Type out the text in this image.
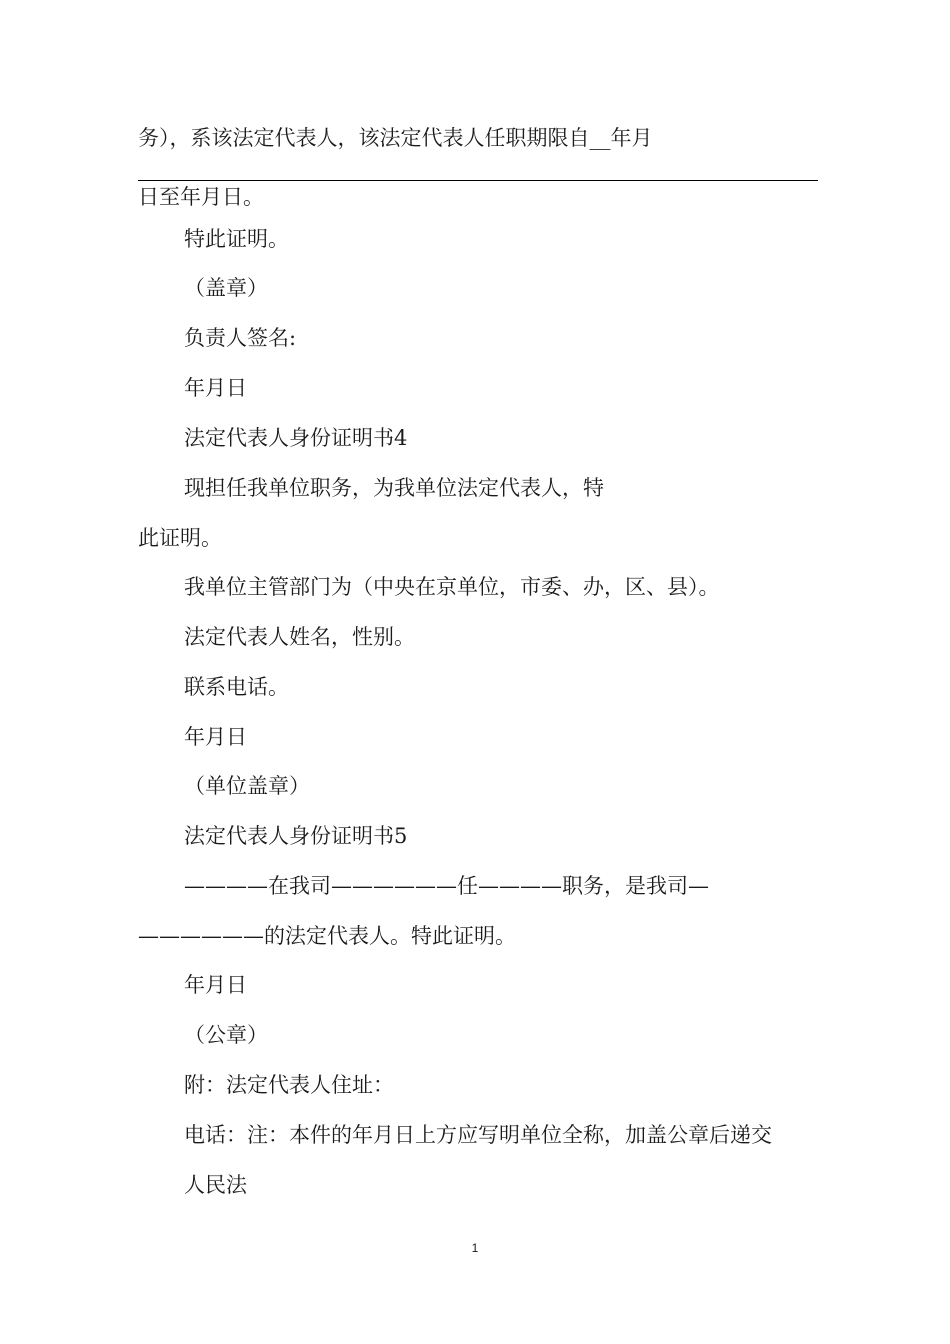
务），系该法定代表人，该法定代表人任职期限自__年月
日至年月日。
特此证明。
（盖章）
负责人签名:
年月日
法定代表人身份证明书4
现担任我单位职务，为我单位法定代表人，特
此证明。
我单位主管部门为（中央在京单位，市委、办，区、县）。
法定代表人姓名，性别。
联系电话。
年月日
（单位盖章）
法定代表人身份证明书5
————在我司——————任————职务，是我司—
——————的法定代表人。特此证明。
年月日
（公章）
附：法定代表人住址：
电话：注：本件的年月日上方应写明单位全称，加盖公章后递交
人民法
1
